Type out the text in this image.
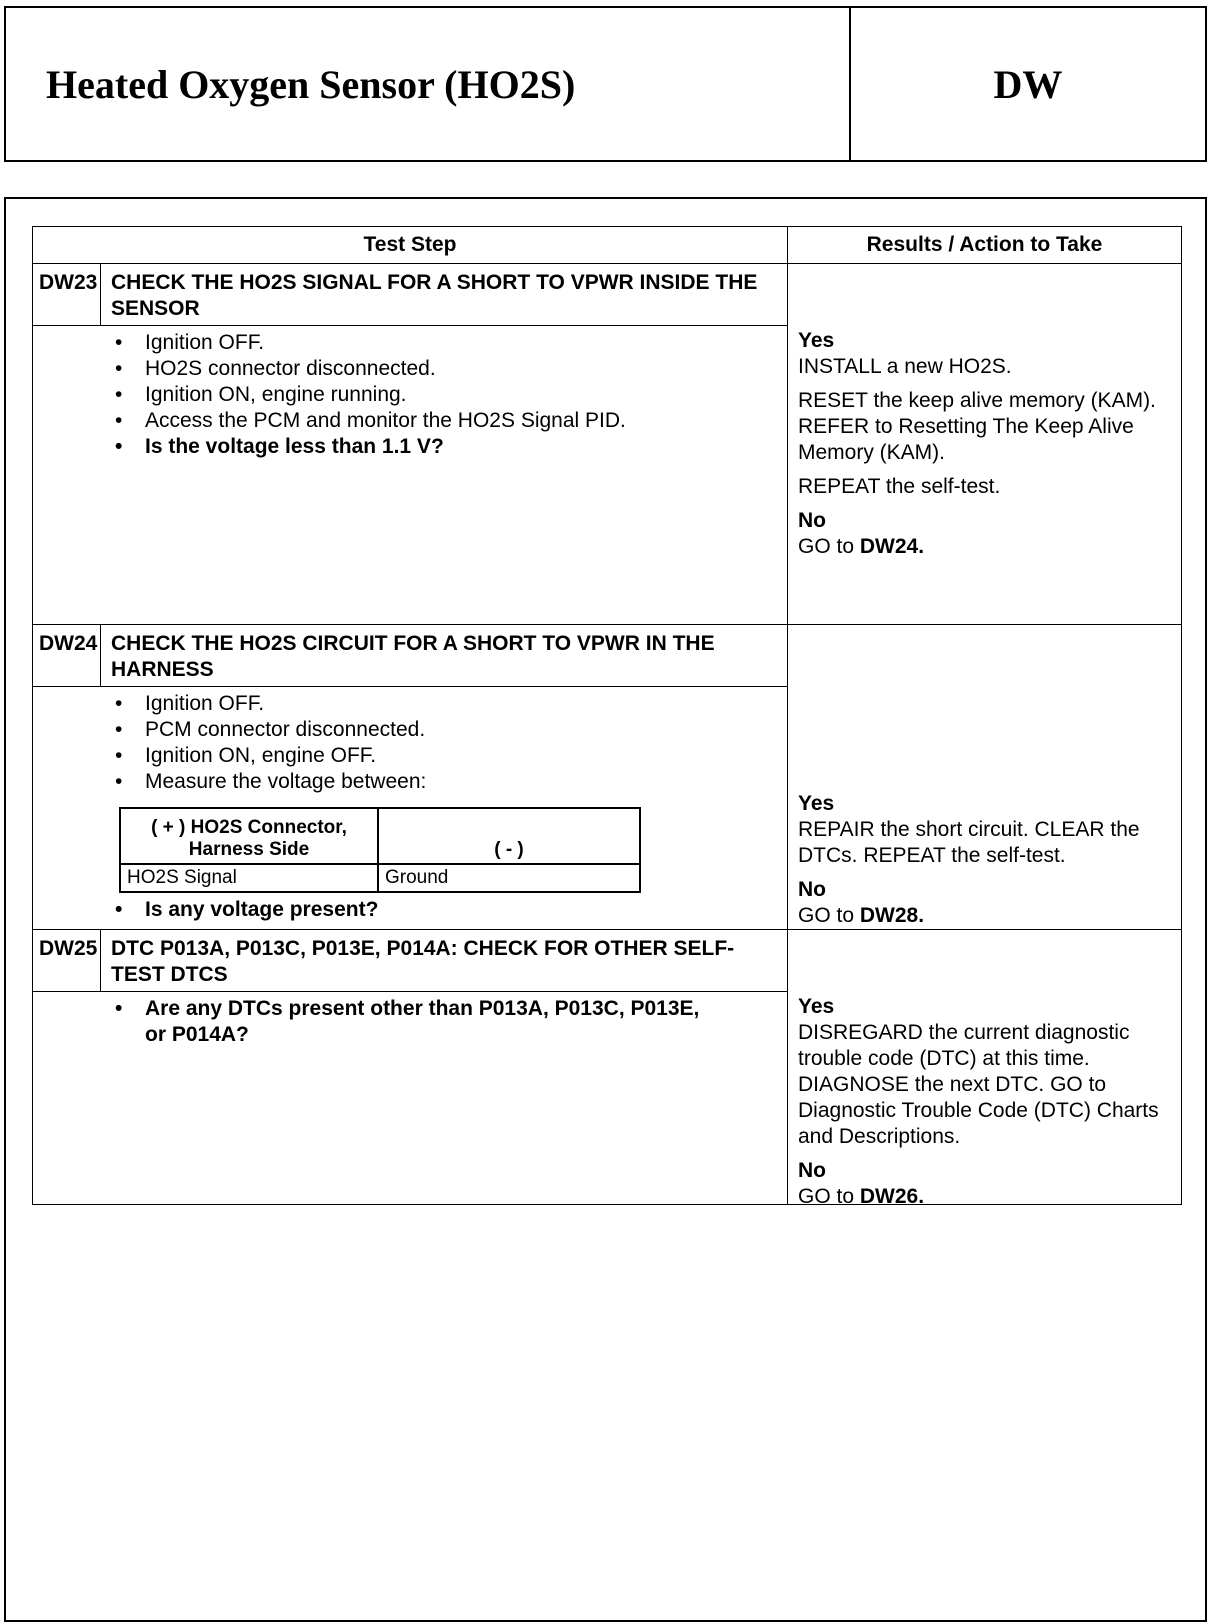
Heated Oxygen Sensor (HO2S)	DW
Test Step	Results / Action to Take
DW23 CHECK THE HO2S SIGNAL FOR A SHORT TO VPWR INSIDE THE SENSOR
• Ignition OFF.
• HO2S connector disconnected.
• Ignition ON, engine running.
• Access the PCM and monitor the HO2S Signal PID.
• Is the voltage less than 1.1 V?
Yes

INSTALL a new HO2S.

RESET the keep alive memory (KAM). REFER to Resetting The Keep Alive Memory (KAM).

REPEAT the self-test.

No

GO to DW24.

DW24 CHECK THE HO2S CIRCUIT FOR A SHORT TO VPWR IN THE HARNESS
• Ignition OFF.
• PCM connector disconnected.
• Ignition ON, engine OFF.
• Measure the voltage between:
( + ) HO2S Connector, Harness Side	( - )
HO2S Signal	Ground
• Is any voltage present?
Yes

REPAIR the short circuit. CLEAR the DTCs. REPEAT the self-test.

No

GO to DW28.

DW25 DTC P013A, P013C, P013E, P014A: CHECK FOR OTHER SELF-TEST DTCS
• Are any DTCs present other than P013A, P013C, P013E, or P014A?
Yes

DISREGARD the current diagnostic trouble code (DTC) at this time. DIAGNOSE the next DTC. GO to Diagnostic Trouble Code (DTC) Charts and Descriptions.

No

GO to DW26.
